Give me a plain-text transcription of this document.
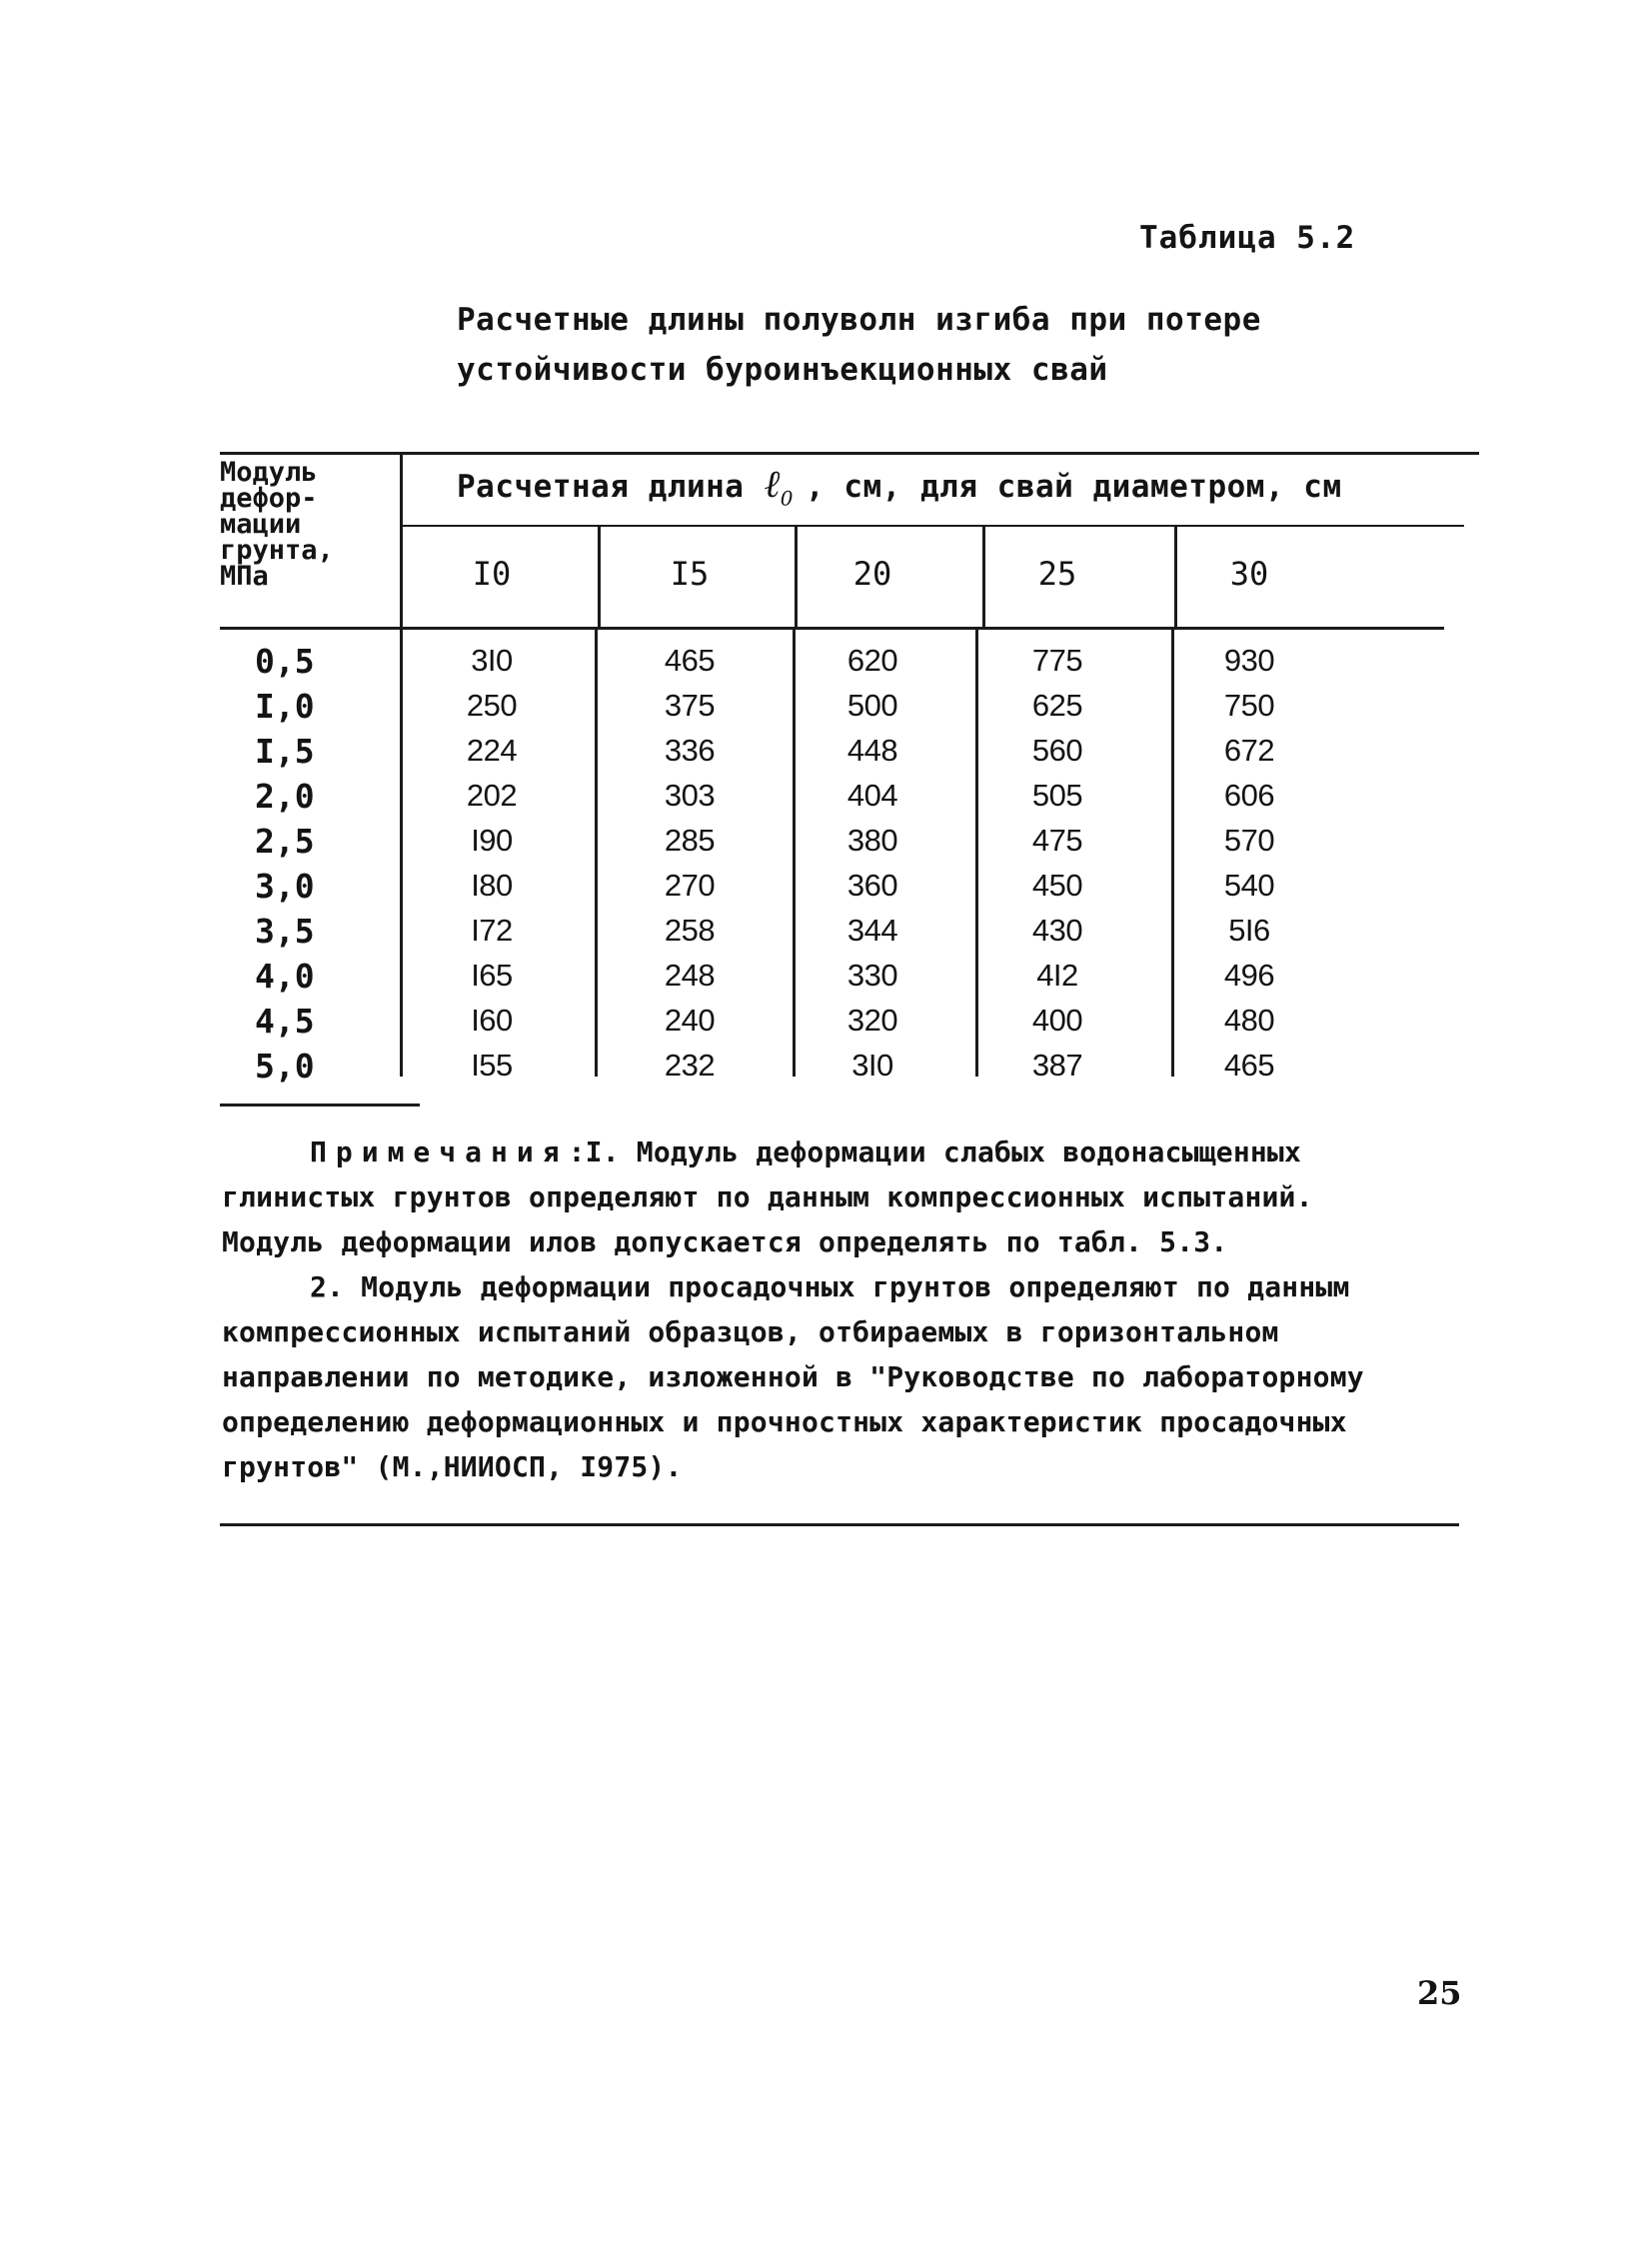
Таблица 5.2
Расчетные длины полуволн изгиба при потере
устойчивости буроинъекционных свай
Модуль
дефор-
мации
грунта,
МПа
Расчетная длина ℓ$_0$ , см, для свай диаметром, см
I0	I5	20	25	30
0,5	3I0	465	620	775	930
I,0	250	375	500	625	750
I,5	224	336	448	560	672
2,0	202	303	404	505	606
2,5	I90	285	380	475	570
3,0	I80	270	360	450	540
3,5	I72	258	344	430	5I6
4,0	I65	248	330	4I2	496
4,5	I60	240	320	400	480
5,0	I55	232	3I0	387	465
Примечания:I. Модуль деформации слабых водонасыщенных
глинистых грунтов определяют по данным компрессионных испытаний.
Модуль деформации илов допускается определять по табл. 5.3.
2. Модуль деформации просадочных грунтов определяют по данным
компрессионных испытаний образцов, отбираемых в горизонтальном
направлении по методике, изложенной в "Руководстве по лабораторному
определению деформационных и прочностных характеристик просадочных
грунтов" (М.,НИИОСП, I975).
25
